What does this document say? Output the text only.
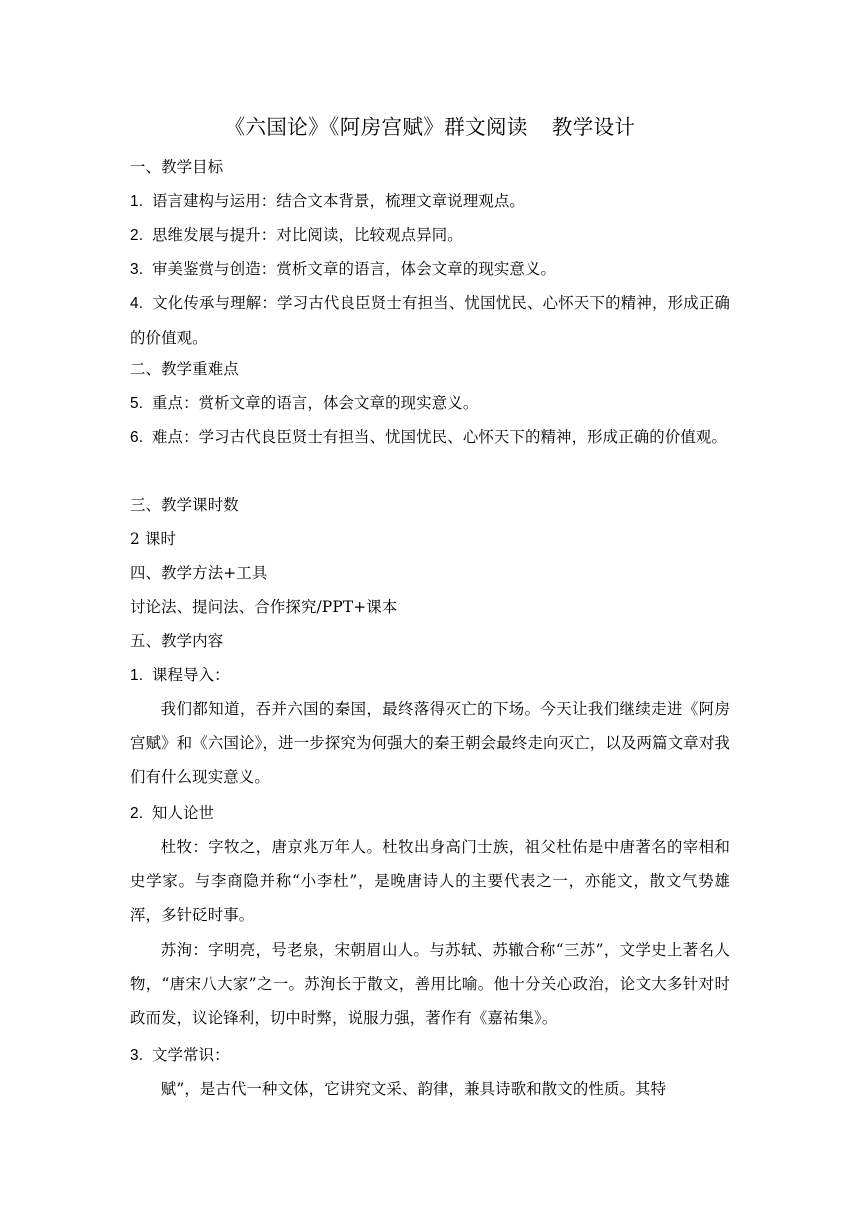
《六国论》《阿房宫赋》群文阅读 教学设计
一、教学目标
1. 语言建构与运用：结合文本背景，梳理文章说理观点。
2. 思维发展与提升：对比阅读，比较观点异同。
3. 审美鉴赏与创造：赏析文章的语言，体会文章的现实意义。

4. 文化传承与理解：学习古代良臣贤士有担当、忧国忧民、心怀天下的精神，形成正确的价值观。

二、教学重难点
5. 重点：赏析文章的语言，体会文章的现实意义。

6. 难点：学习古代良臣贤士有担当、忧国忧民、心怀天下的精神，形成正确的价值观。

三、教学课时数
2 课时
四、教学方法+工具
讨论法、提问法、合作探究/PPT+课本
五、教学内容
1. 课程导入：

我们都知道，吞并六国的秦国，最终落得灭亡的下场。今天让我们继续走进《阿房宫赋》和《六国论》，进一步探究为何强大的秦王朝会最终走向灭亡，以及两篇文章对我们有什么现实意义。

2. 知人论世

杜牧：字牧之，唐京兆万年人。杜牧出身高门士族，祖父杜佑是中唐著名的宰相和史学家。与李商隐并称“小李杜”，是晚唐诗人的主要代表之一，亦能文，散文气势雄浑，多针砭时事。

苏洵：字明亮，号老泉，宋朝眉山人。与苏轼、苏辙合称“三苏”，文学史上著名人物，“唐宋八大家”之一。苏洵长于散文，善用比喻。他十分关心政治，论文大多针对时政而发，议论锋利，切中时弊，说服力强，著作有《嘉祐集》。

3. 文学常识：

赋”，是古代一种文体，它讲究文采、韵律，兼具诗歌和散文的性质。其特
